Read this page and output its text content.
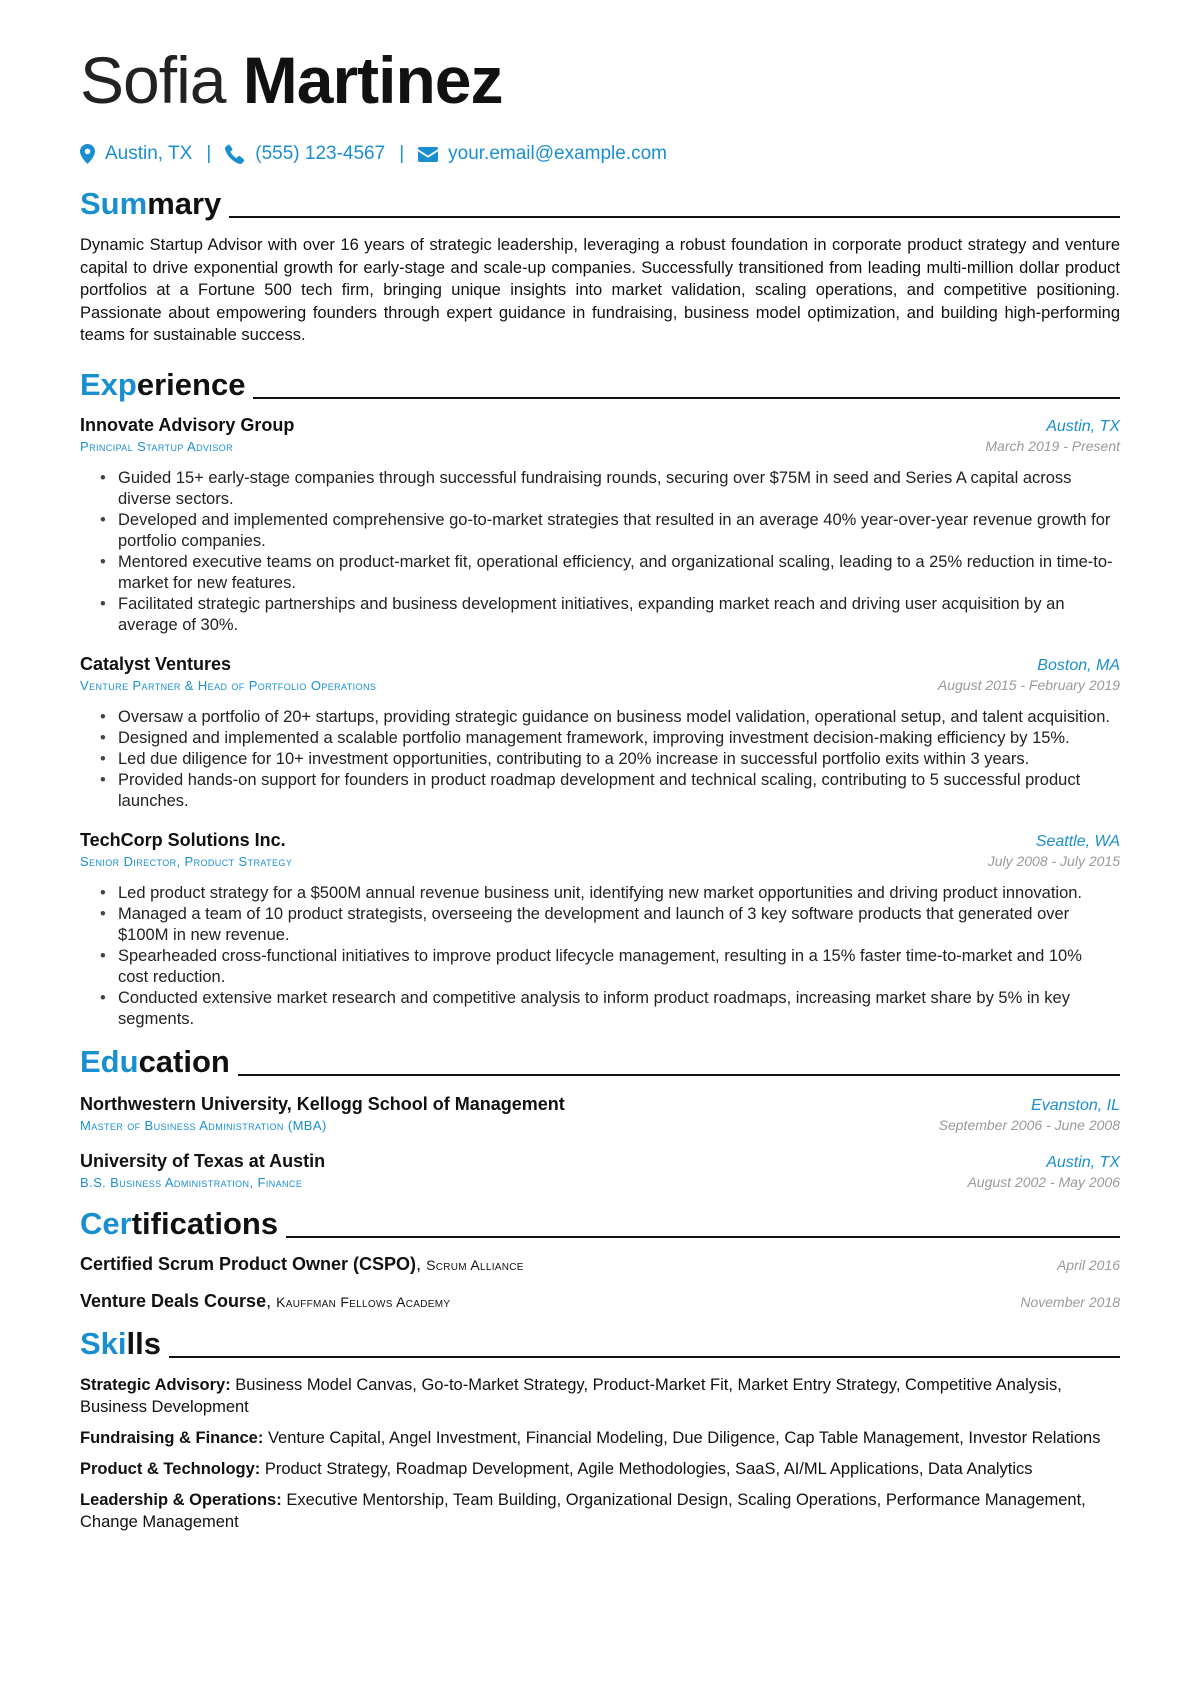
Sofia Martinez
Austin, TX | (555) 123-4567 | your.email@example.com
Summary
Dynamic Startup Advisor with over 16 years of strategic leadership, leveraging a robust foundation in corporate product strategy and venture capital to drive exponential growth for early-stage and scale-up companies. Successfully transitioned from leading multi-million dollar product portfolios at a Fortune 500 tech firm, bringing unique insights into market validation, scaling operations, and competitive positioning. Passionate about empowering founders through expert guidance in fundraising, business model optimization, and building high-performing teams for sustainable success.
Experience
Innovate Advisory Group	Austin, TX
Principal Startup Advisor	March 2019 - Present
• Guided 15+ early-stage companies through successful fundraising rounds, securing over $75M in seed and Series A capital across diverse sectors.
• Developed and implemented comprehensive go-to-market strategies that resulted in an average 40% year-over-year revenue growth for portfolio companies.
• Mentored executive teams on product-market fit, operational efficiency, and organizational scaling, leading to a 25% reduction in time-to-market for new features.
• Facilitated strategic partnerships and business development initiatives, expanding market reach and driving user acquisition by an average of 30%.
Catalyst Ventures	Boston, MA
Venture Partner & Head of Portfolio Operations	August 2015 - February 2019
• Oversaw a portfolio of 20+ startups, providing strategic guidance on business model validation, operational setup, and talent acquisition.
• Designed and implemented a scalable portfolio management framework, improving investment decision-making efficiency by 15%.
• Led due diligence for 10+ investment opportunities, contributing to a 20% increase in successful portfolio exits within 3 years.
• Provided hands-on support for founders in product roadmap development and technical scaling, contributing to 5 successful product launches.
TechCorp Solutions Inc.	Seattle, WA
Senior Director, Product Strategy	July 2008 - July 2015
• Led product strategy for a $500M annual revenue business unit, identifying new market opportunities and driving product innovation.
• Managed a team of 10 product strategists, overseeing the development and launch of 3 key software products that generated over $100M in new revenue.
• Spearheaded cross-functional initiatives to improve product lifecycle management, resulting in a 15% faster time-to-market and 10% cost reduction.
• Conducted extensive market research and competitive analysis to inform product roadmaps, increasing market share by 5% in key segments.
Education
Northwestern University, Kellogg School of Management	Evanston, IL
Master of Business Administration (MBA)	September 2006 - June 2008
University of Texas at Austin	Austin, TX
B.S. Business Administration, Finance	August 2002 - May 2006
Certifications
Certified Scrum Product Owner (CSPO), Scrum Alliance	April 2016
Venture Deals Course, Kauffman Fellows Academy	November 2018
Skills
Strategic Advisory: Business Model Canvas, Go-to-Market Strategy, Product-Market Fit, Market Entry Strategy, Competitive Analysis, Business Development
Fundraising & Finance: Venture Capital, Angel Investment, Financial Modeling, Due Diligence, Cap Table Management, Investor Relations
Product & Technology: Product Strategy, Roadmap Development, Agile Methodologies, SaaS, AI/ML Applications, Data Analytics
Leadership & Operations: Executive Mentorship, Team Building, Organizational Design, Scaling Operations, Performance Management, Change Management
